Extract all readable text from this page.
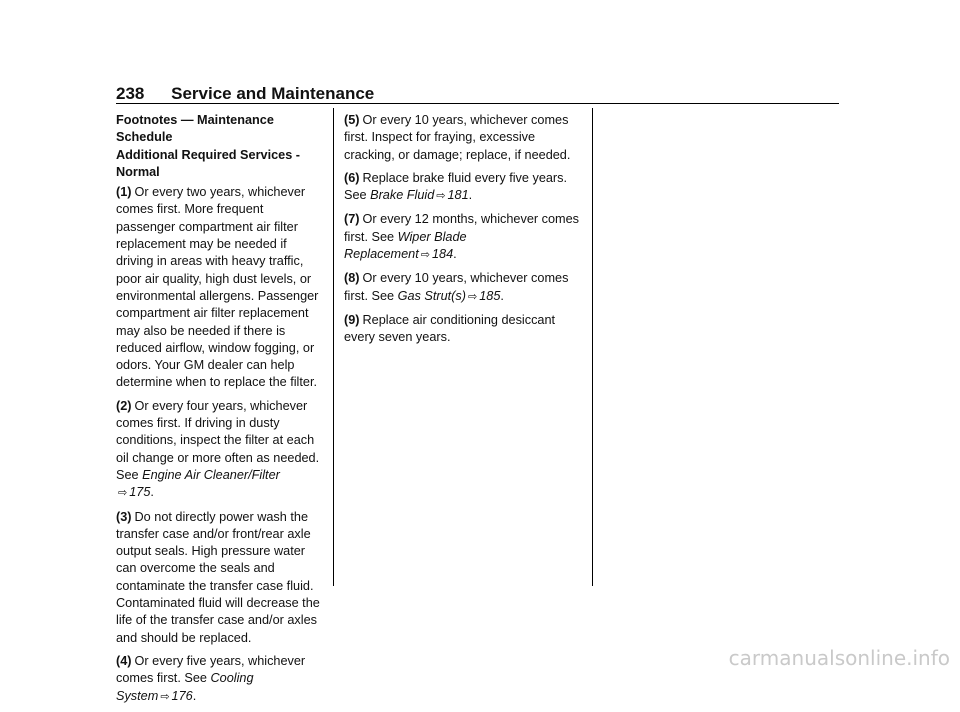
238 Service and Maintenance
Footnotes — Maintenance Schedule
Additional Required Services - Normal

(1) Or every two years, whichever comes first. More frequent passenger compartment air filter replacement may be needed if driving in areas with heavy traffic, poor air quality, high dust levels, or environmental allergens. Passenger compartment air filter replacement may also be needed if there is reduced airflow, window fogging, or odors. Your GM dealer can help determine when to replace the filter.

(2) Or every four years, whichever comes first. If driving in dusty conditions, inspect the filter at each oil change or more often as needed. See Engine Air Cleaner/Filter
⇨ 175.

(3) Do not directly power wash the transfer case and/or front/rear axle output seals. High pressure water can overcome the seals and contaminate the transfer case fluid. Contaminated fluid will decrease the life of the transfer case and/or axles and should be replaced.

(4) Or every five years, whichever comes first. See Cooling System ⇨ 176.

(5) Or every 10 years, whichever comes first. Inspect for fraying, excessive cracking, or damage; replace, if needed.

(6) Replace brake fluid every five years. See Brake Fluid ⇨ 181.

(7) Or every 12 months, whichever comes first. See Wiper Blade Replacement ⇨ 184.

(8) Or every 10 years, whichever comes first. See Gas Strut(s) ⇨ 185.

(9) Replace air conditioning desiccant every seven years.

carmanualsonline.info
